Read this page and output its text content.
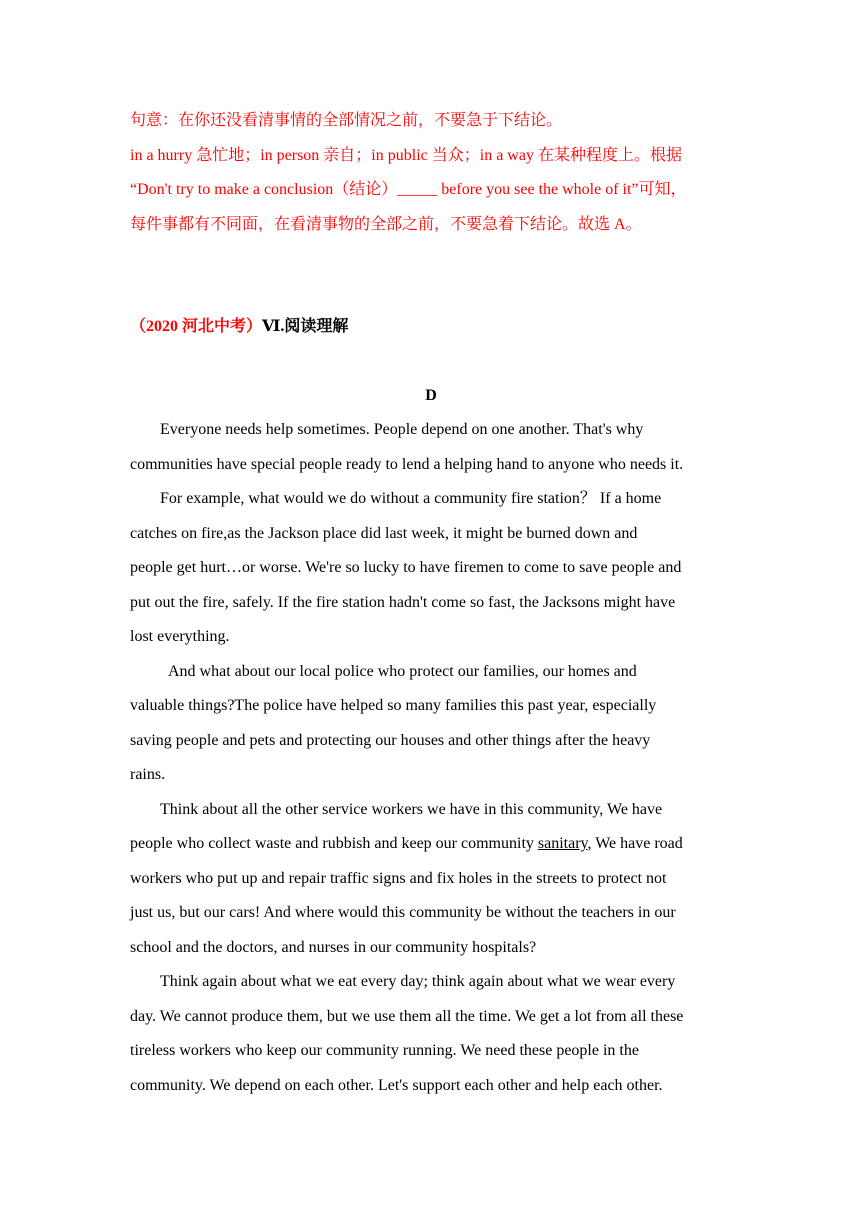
句意：在你还没看清事情的全部情况之前，不要急于下结论。
in a hurry 急忙地；in person 亲自；in public 当众；in a way 在某种程度上。根据
“Don't try to make a conclusion（结论）_____ before you see the whole of it”可知，
每件事都有不同面，在看清事物的全部之前，不要急着下结论。故选 A。
（2020 河北中考）Ⅵ.阅读理解
D

Everyone needs help sometimes. People depend on one another. That's why
communities have special people ready to lend a helping hand to anyone who needs it.

For example, what would we do without a community fire station？ If a home
catches on fire,as the Jackson place did last week, it might be burned down and
people get hurt…or worse. We're so lucky to have firemen to come to save people and
put out the fire, safely. If the fire station hadn't come so fast, the Jacksons might have
lost everything.

And what about our local police who protect our families, our homes and
valuable things?The police have helped so many families this past year, especially
saving people and pets and protecting our houses and other things after the heavy
rains.

Think about all the other service workers we have in this community, We have
people who collect waste and rubbish and keep our community sanitary, We have road
workers who put up and repair traffic signs and fix holes in the streets to protect not
just us, but our cars! And where would this community be without the teachers in our
school and the doctors, and nurses in our community hospitals?

Think again about what we eat every day; think again about what we wear every
day. We cannot produce them, but we use them all the time. We get a lot from all these
tireless workers who keep our community running. We need these people in the
community. We depend on each other. Let's support each other and help each other.
